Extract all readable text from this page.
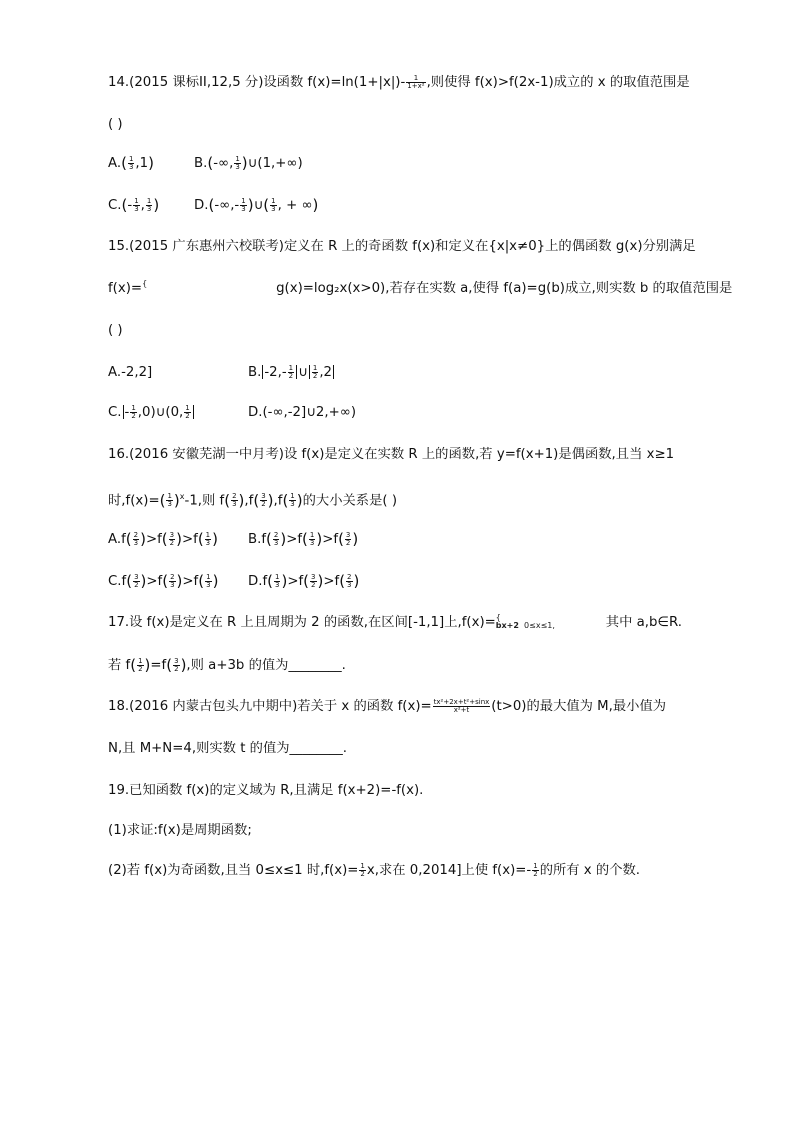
14.(2015 课标II,12,5 分)设函数 $f(x)=\ln(1+|x|)- \frac{1}{\text{1+x²}}$ ,则使得 f(x)>f(2x-1)成立的 x 的取值范围是
( )
$A.( \frac{1}{3} ,1)$	B.(-∞, $\frac{1}{3}$ )∪(1,+∞)
$C.(- \frac{1}{3}$ , $\frac{1}{3}$ )	$D.(-\infty,- \frac{1}{3}$ )∪( $\frac{1}{3}$ , + ∞)
15.(2015 广东惠州六校联考)定义在 R 上的奇函数 f(x)和定义在{x|x≠0}上的偶函数 g(x)分别满足
f(x)={	g(x)=log₂x(x>0),若存在实数 a,使得 f(a)=g(b)成立,则实数 b 的取值范围是
( )
A.-2,2]	B. $-2,- \frac{1}{2}$ ∪ $\frac{1}{2} ,2$
C. - $\frac{1}{2}$ ,0)∪(0, $\frac{1}{2}$	D.(-∞,-2]∪2,+∞)
16.(2016 安徽芜湖一中月考)设 f(x)是定义在实数 R 上的函数,若 y=f(x+1)是偶函数,且当 x≥1
时$,f(x)=( \frac{1}{3} )^x-1$,则 $f( \frac{2}{3} ),f( \frac{3}{2} ),f( \frac{1}{3}$ )的大小关系是( )
$A.f( \frac{2}{3} )>f( \frac{3}{2} )>f( \frac{1}{3}$ ) $B.f( \frac{2}{3} )>f( \frac{1}{3} )>f( \frac{3}{2}$ )
$C.f( \frac{3}{2} )>f( \frac{2}{3} )>f( \frac{1}{3}$ ) $D.f( \frac{1}{3} )>f( \frac{3}{2} )>f( \frac{2}{3}$ )
17.设 f(x)是定义在 R 上且周期为 2 的函数,在区间[-1,1]上,f(x)={
bx+2 0≤x≤1,	其中 a,b∈R.
若 $f( \frac{1}{2} )=f( \frac{3}{2}$ ),则 a+3b 的值为________.
18.(2016 内蒙古包头九中期中)若关于 x 的函数 $f(x)= \frac{\text{tx²+2x+t²+sinx}}{\text{x²+t}} (t>0)$的最大值为 M,最小值为
N,且 M+N=4,则实数 t 的值为________.
19.已知函数 f(x)的定义域为 R,且满足 f(x+2)=-f(x).
(1)求证:f(x)是周期函数;
(2)若 f(x)为奇函数,且当 0≤x≤1 时$,f(x)= \frac{1}{2} x$,求在 0,2014]上使 $f(x)=- \frac{1}{2}$ 的所有 x 的个数.
